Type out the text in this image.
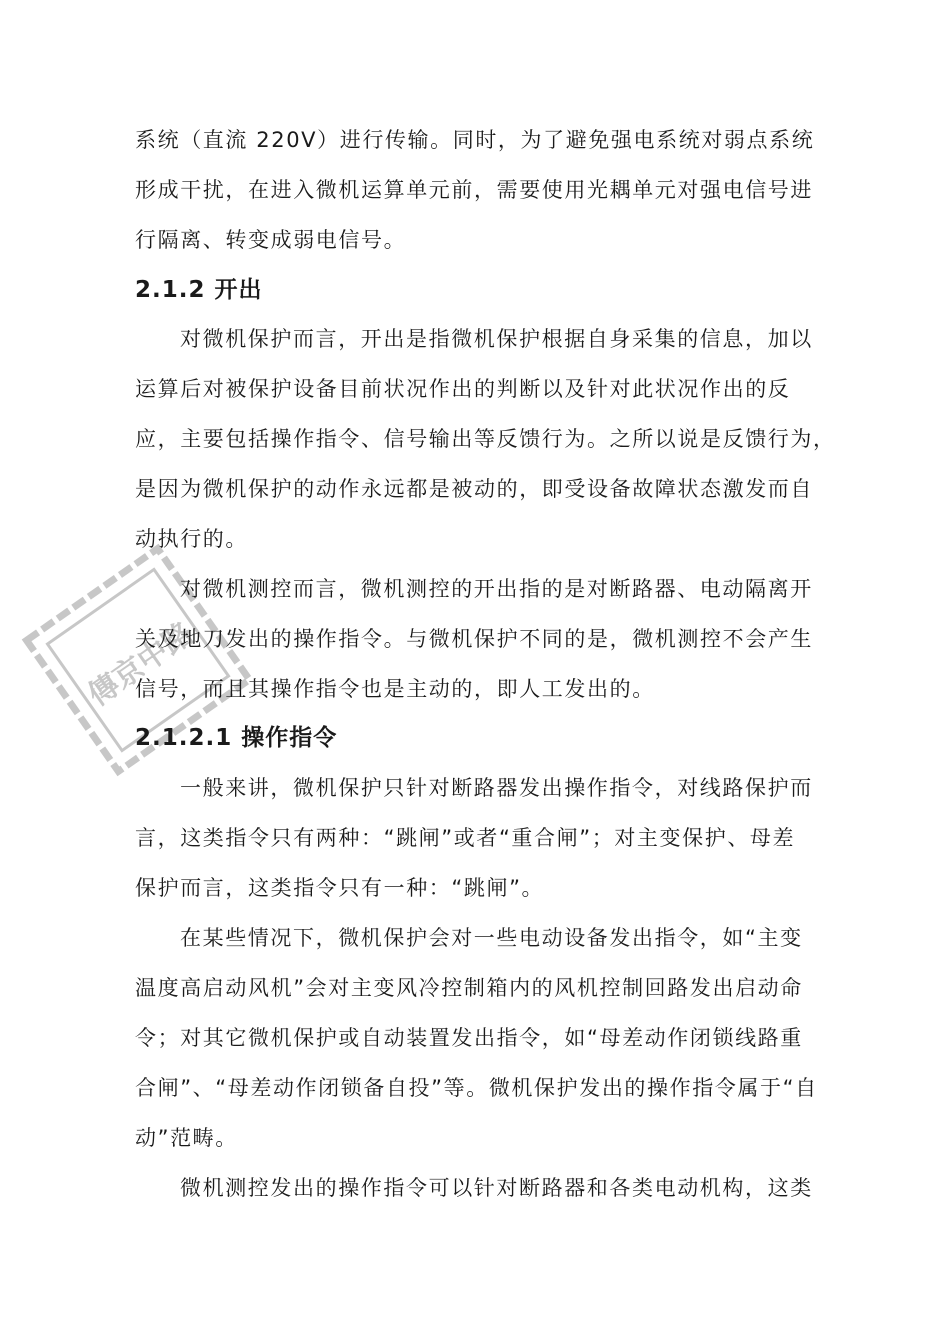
傳京中路
系统（直流 220V）进行传输。同时，为了避免强电系统对弱点系统
形成干扰，在进入微机运算单元前，需要使用光耦单元对强电信号进
行隔离、转变成弱电信号。
2.1.2 开出
对微机保护而言，开出是指微机保护根据自身采集的信息，加以
运算后对被保护设备目前状况作出的判断以及针对此状况作出的反
应，主要包括操作指令、信号输出等反馈行为。之所以说是反馈行为，
是因为微机保护的动作永远都是被动的，即受设备故障状态激发而自
动执行的。
对微机测控而言，微机测控的开出指的是对断路器、电动隔离开
关及地刀发出的操作指令。与微机保护不同的是，微机测控不会产生
信号，而且其操作指令也是主动的，即人工发出的。
2.1.2.1 操作指令
一般来讲，微机保护只针对断路器发出操作指令，对线路保护而
言，这类指令只有两种：“跳闸”或者“重合闸”；对主变保护、母差
保护而言，这类指令只有一种：“跳闸”。
在某些情况下，微机保护会对一些电动设备发出指令，如“主变
温度高启动风机”会对主变风冷控制箱内的风机控制回路发出启动命
令；对其它微机保护或自动装置发出指令，如“母差动作闭锁线路重
合闸”、“母差动作闭锁备自投”等。微机保护发出的操作指令属于“自
动”范畴。
微机测控发出的操作指令可以针对断路器和各类电动机构，这类
